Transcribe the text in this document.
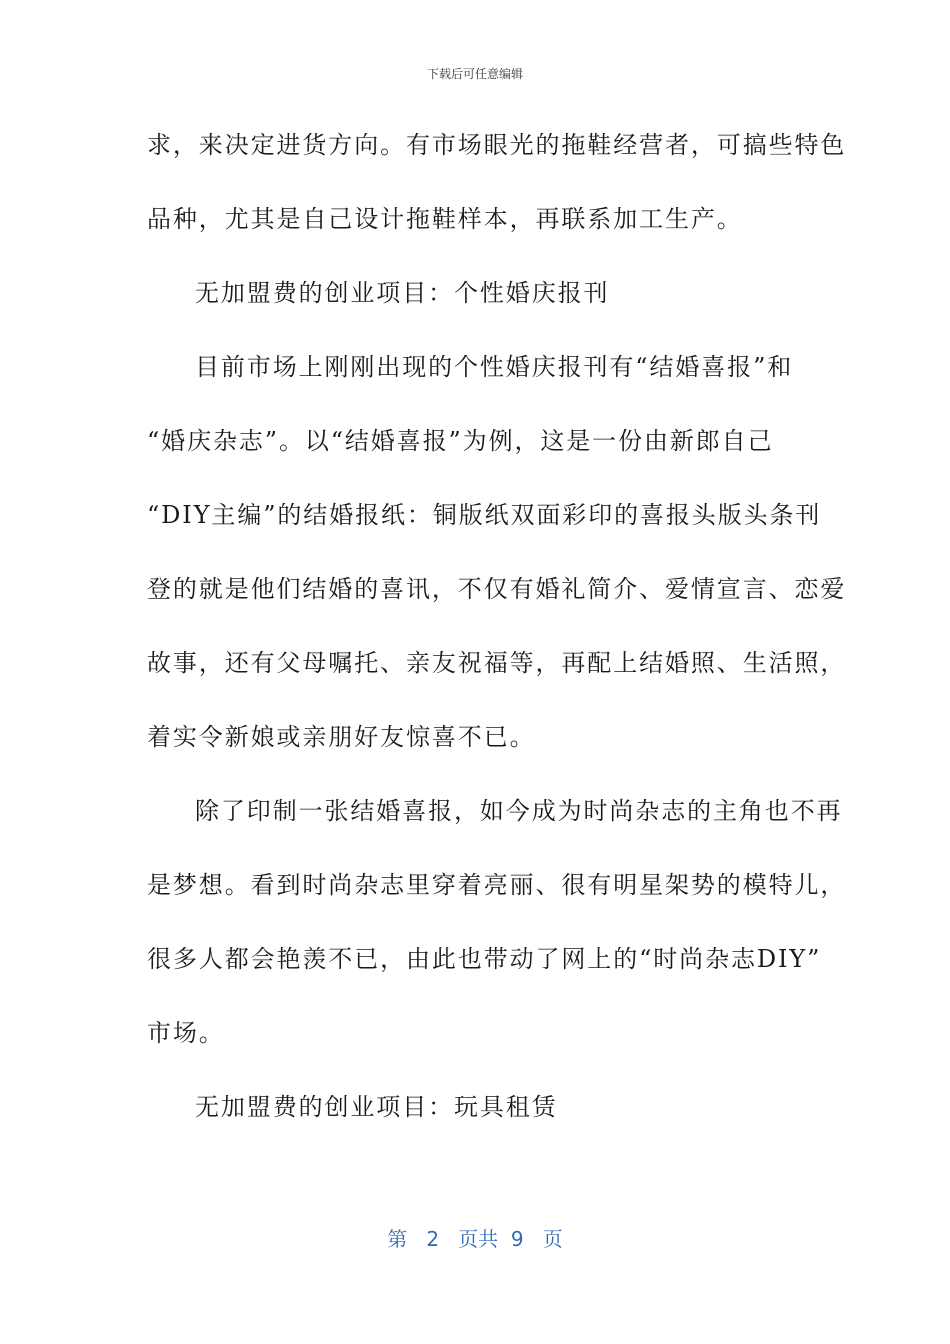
下载后可任意编辑
求，来决定进货方向。有市场眼光的拖鞋经营者，可搞些特色
品种，尤其是自己设计拖鞋样本，再联系加工生产。
无加盟费的创业项目：个性婚庆报刊
目前市场上刚刚出现的个性婚庆报刊有“结婚喜报”和
“婚庆杂志”。以“结婚喜报”为例，这是一份由新郎自己
“DIY主编”的结婚报纸：铜版纸双面彩印的喜报头版头条刊
登的就是他们结婚的喜讯，不仅有婚礼简介、爱情宣言、恋爱
故事，还有父母嘱托、亲友祝福等，再配上结婚照、生活照，
着实令新娘或亲朋好友惊喜不已。
除了印制一张结婚喜报，如今成为时尚杂志的主角也不再
是梦想。看到时尚杂志里穿着亮丽、很有明星架势的模特儿，
很多人都会艳羡不已，由此也带动了网上的“时尚杂志DIY”
市场。
无加盟费的创业项目：玩具租赁
第 2 页共 9 页
